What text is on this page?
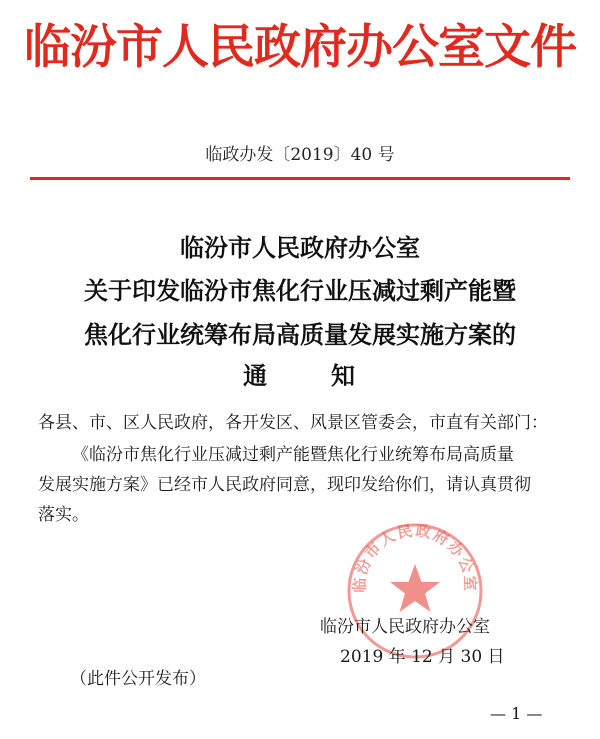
临汾市人民政府办公室文件
临政办发〔2019〕40 号
临汾市人民政府办公室
关于印发临汾市焦化行业压减过剩产能暨
焦化行业统筹布局高质量发展实施方案的
通	知
各县、市、区人民政府，各开发区、风景区管委会，市直有关部门：
《临汾市焦化行业压减过剩产能暨焦化行业统筹布局高质量
发展实施方案》已经市人民政府同意，现印发给你们，请认真贯彻
落实。
临汾市人民政府办公室
临汾市人民政府办公室
2019 年 12 月 30 日
（此件公开发布）
— 1 —
